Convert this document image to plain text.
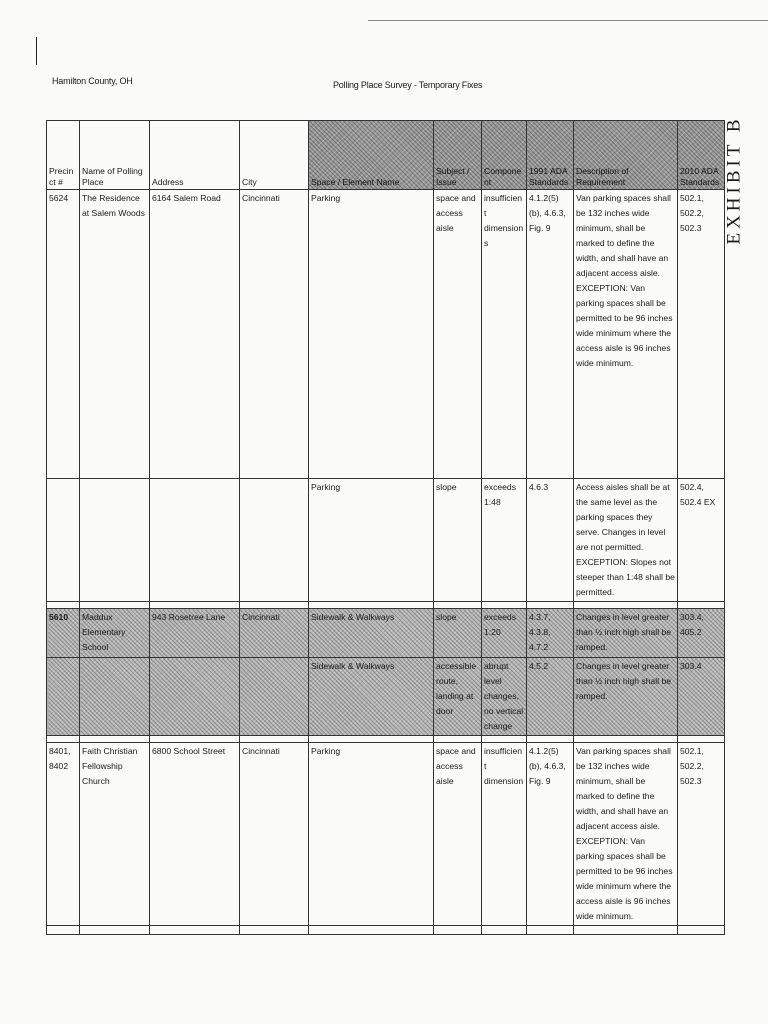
Hamilton County, OH	Polling Place Survey - Temporary Fixes
EXHIBIT B
Precinct #	Name of Polling Place	Address	City	Space / Element Name	Subject / Issue	Component	1991 ADA Standards	Description of Requirement	2010 ADA Standards
5624	The Residence at Salem Woods	6164 Salem Road	Cincinnati	Parking	space and access aisle	insufficient dimensions	4.1.2(5)(b), 4.6.3, Fig. 9	Van parking spaces shall be 132 inches wide minimum, shall be marked to define the width, and shall have an adjacent access aisle. EXCEPTION: Van parking spaces shall be permitted to be 96 inches wide minimum where the access aisle is 96 inches wide minimum.	502.1, 502.2, 502.3
				Parking	slope	exceeds 1:48	4.6.3	Access aisles shall be at the same level as the parking spaces they serve. Changes in level are not permitted. EXCEPTION: Slopes not steeper than 1:48 shall be permitted.	502.4, 502.4 EX

5610	Maddux Elementary School	943 Rosetree Lane	Cincinnati	Sidewalk & Walkways	slope	exceeds 1:20	4.3.7, 4.3.8, 4.7.2	Changes in level greater than ½ inch high shall be ramped.	303.4, 405.2
				Sidewalk & Walkways	accessible route, landing at door	abrupt level changes, no vertical change	4.5.2	Changes in level greater than ½ inch high shall be ramped.	303.4

8401, 8402	Faith Christian Fellowship Church	6800 School Street	Cincinnati	Parking	space and access aisle	insufficient dimension	4.1.2(5)(b), 4.6.3, Fig. 9	Van parking spaces shall be 132 inches wide minimum, shall be marked to define the width, and shall have an adjacent access aisle. EXCEPTION: Van parking spaces shall be permitted to be 96 inches wide minimum where the access aisle is 96 inches wide minimum.	502.1, 502.2, 502.3
